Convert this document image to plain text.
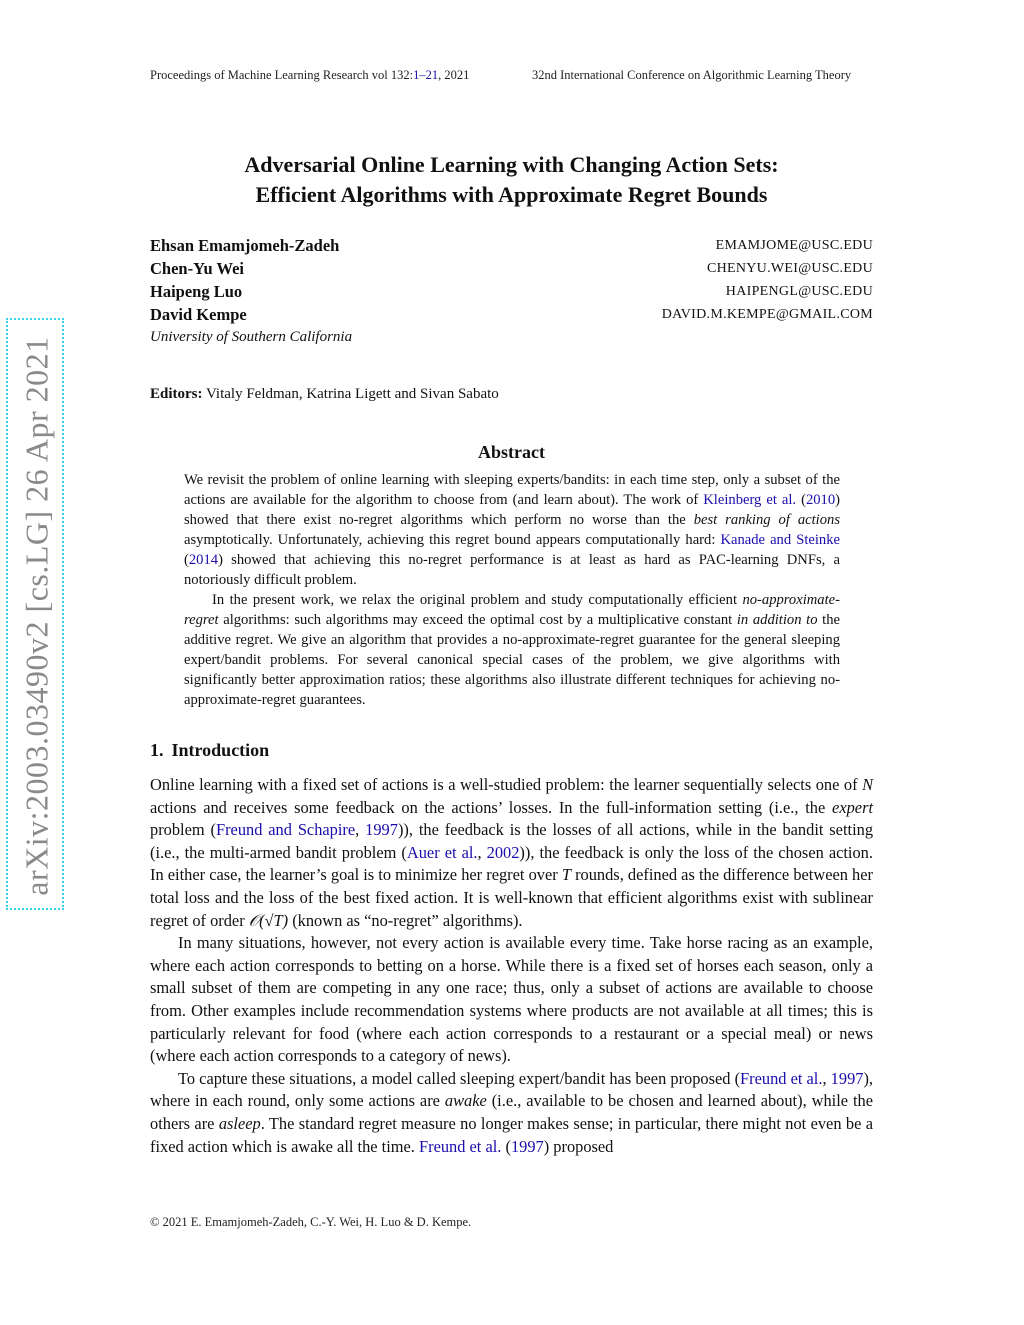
Proceedings of Machine Learning Research vol 132:1–21, 2021	32nd International Conference on Algorithmic Learning Theory
arXiv:2003.03490v2 [cs.LG] 26 Apr 2021
Adversarial Online Learning with Changing Action Sets:
Efficient Algorithms with Approximate Regret Bounds
Ehsan Emamjomeh-Zadeh	EMAMJOME@USC.EDU
Chen-Yu Wei	CHENYU.WEI@USC.EDU
Haipeng Luo	HAIPENGL@USC.EDU
David Kempe	DAVID.M.KEMPE@GMAIL.COM
University of Southern California
Editors: Vitaly Feldman, Katrina Ligett and Sivan Sabato
Abstract

We revisit the problem of online learning with sleeping experts/bandits: in each time step, only a subset of the actions are available for the algorithm to choose from (and learn about). The work of Kleinberg et al. (2010) showed that there exist no-regret algorithms which perform no worse than the best ranking of actions asymptotically. Unfortunately, achieving this regret bound appears computationally hard: Kanade and Steinke (2014) showed that achieving this no-regret performance is at least as hard as PAC-learning DNFs, a notoriously difficult problem.

In the present work, we relax the original problem and study computationally efficient no-approximate-regret algorithms: such algorithms may exceed the optimal cost by a multiplicative constant in addition to the additive regret. We give an algorithm that provides a no-approximate-regret guarantee for the general sleeping expert/bandit problems. For several canonical special cases of the problem, we give algorithms with significantly better approximation ratios; these algorithms also illustrate different techniques for achieving no-approximate-regret guarantees.

1. Introduction

Online learning with a fixed set of actions is a well-studied problem: the learner sequentially selects one of N actions and receives some feedback on the actions’ losses. In the full-information setting (i.e., the expert problem (Freund and Schapire, 1997)), the feedback is the losses of all actions, while in the bandit setting (i.e., the multi-armed bandit problem (Auer et al., 2002)), the feedback is only the loss of the chosen action. In either case, the learner’s goal is to minimize her regret over T rounds, defined as the difference between her total loss and the loss of the best fixed action. It is well-known that efficient algorithms exist with sublinear regret of order 𝒪(√T) (known as “no-regret” algorithms).

In many situations, however, not every action is available every time. Take horse racing as an example, where each action corresponds to betting on a horse. While there is a fixed set of horses each season, only a small subset of them are competing in any one race; thus, only a subset of actions are available to choose from. Other examples include recommendation systems where products are not available at all times; this is particularly relevant for food (where each action corresponds to a restaurant or a special meal) or news (where each action corresponds to a category of news).

To capture these situations, a model called sleeping expert/bandit has been proposed (Freund et al., 1997), where in each round, only some actions are awake (i.e., available to be chosen and learned about), while the others are asleep. The standard regret measure no longer makes sense; in particular, there might not even be a fixed action which is awake all the time. Freund et al. (1997) proposed

© 2021 E. Emamjomeh-Zadeh, C.-Y. Wei, H. Luo & D. Kempe.
